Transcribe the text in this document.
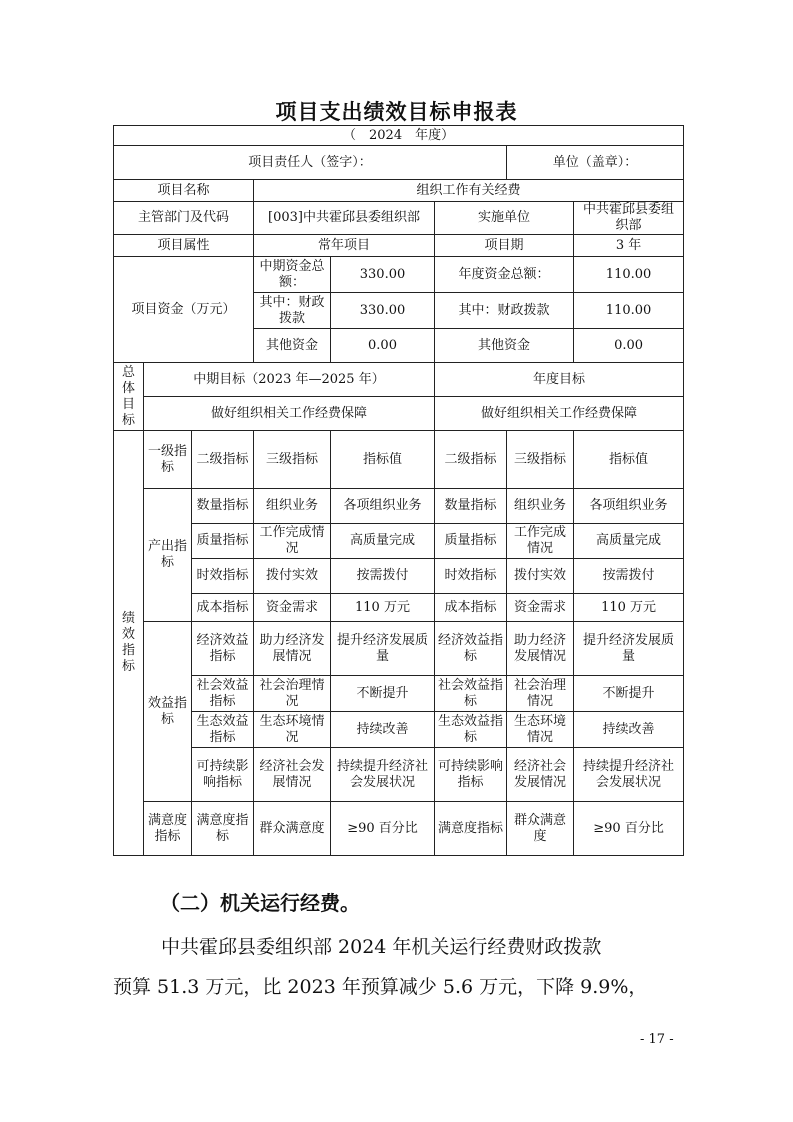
项目支出绩效目标申报表
（　2024　年度）							
项目责任人（签字）：						单位（盖章）：	
项目名称			组织工作有关经费				
主管部门及代码			[003]中共霍邱县委组织部		实施单位		中共霍邱县委组织部
项目属性			常年项目		项目期		3 年
项目资金（万元）			中期资金总额：	330.00	年度资金总额：		110.00
			其中：财政拨款	330.00	其中：财政拨款		110.00
			其他资金	0.00	其他资金		0.00
总体目标	中期目标（2023 年—2025 年）				年度目标		
	做好组织相关工作经费保障				做好组织相关工作经费保障		
绩效指标	一级指标	二级指标	三级指标	指标值	二级指标	三级指标	指标值
	产出指标	数量指标	组织业务	各项组织业务	数量指标	组织业务	各项组织业务
		质量指标	工作完成情况	高质量完成	质量指标	工作完成情况	高质量完成
		时效指标	拨付实效	按需拨付	时效指标	拨付实效	按需拨付
		成本指标	资金需求	110 万元	成本指标	资金需求	110 万元
	效益指标	经济效益指标	助力经济发展情况	提升经济发展质量	经济效益指标	助力经济发展情况	提升经济发展质量
		社会效益指标	社会治理情况	不断提升	社会效益指标	社会治理情况	不断提升
		生态效益指标	生态环境情况	持续改善	生态效益指标	生态环境情况	持续改善
		可持续影响指标	经济社会发展情况	持续提升经济社会发展状况	可持续影响指标	经济社会发展情况	持续提升经济社会发展状况
	满意度指标	满意度指标	群众满意度	≥90 百分比	满意度指标	群众满意度	≥90 百分比
（二）机关运行经费。
中共霍邱县委组织部 2024 年机关运行经费财政拨款
预算 51.3 万元，比 2023 年预算减少 5.6 万元，下降 9.9%，
- 17 -
